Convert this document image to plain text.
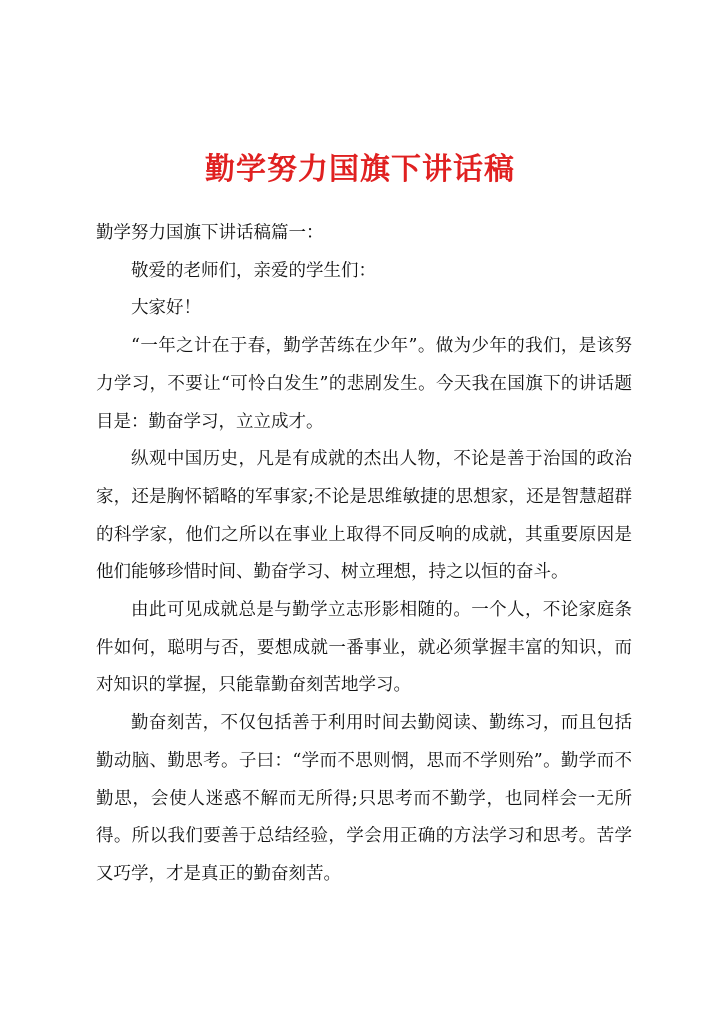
勤学努力国旗下讲话稿

勤学努力国旗下讲话稿篇一：

敬爱的老师们，亲爱的学生们：

大家好！

“一年之计在于春，勤学苦练在少年”。做为少年的我们，是该努力学习，不要让“可怜白发生”的悲剧发生。今天我在国旗下的讲话题目是：勤奋学习，立立成才。

纵观中国历史，凡是有成就的杰出人物，不论是善于治国的政治家，还是胸怀韬略的军事家;不论是思维敏捷的思想家，还是智慧超群的科学家，他们之所以在事业上取得不同反响的成就，其重要原因是他们能够珍惜时间、勤奋学习、树立理想，持之以恒的奋斗。

由此可见成就总是与勤学立志形影相随的。一个人，不论家庭条件如何，聪明与否，要想成就一番事业，就必须掌握丰富的知识，而对知识的掌握，只能靠勤奋刻苦地学习。

勤奋刻苦，不仅包括善于利用时间去勤阅读、勤练习，而且包括勤动脑、勤思考。子曰：“学而不思则惘，思而不学则殆”。勤学而不勤思，会使人迷惑不解而无所得;只思考而不勤学，也同样会一无所得。所以我们要善于总结经验，学会用正确的方法学习和思考。苦学又巧学，才是真正的勤奋刻苦。
